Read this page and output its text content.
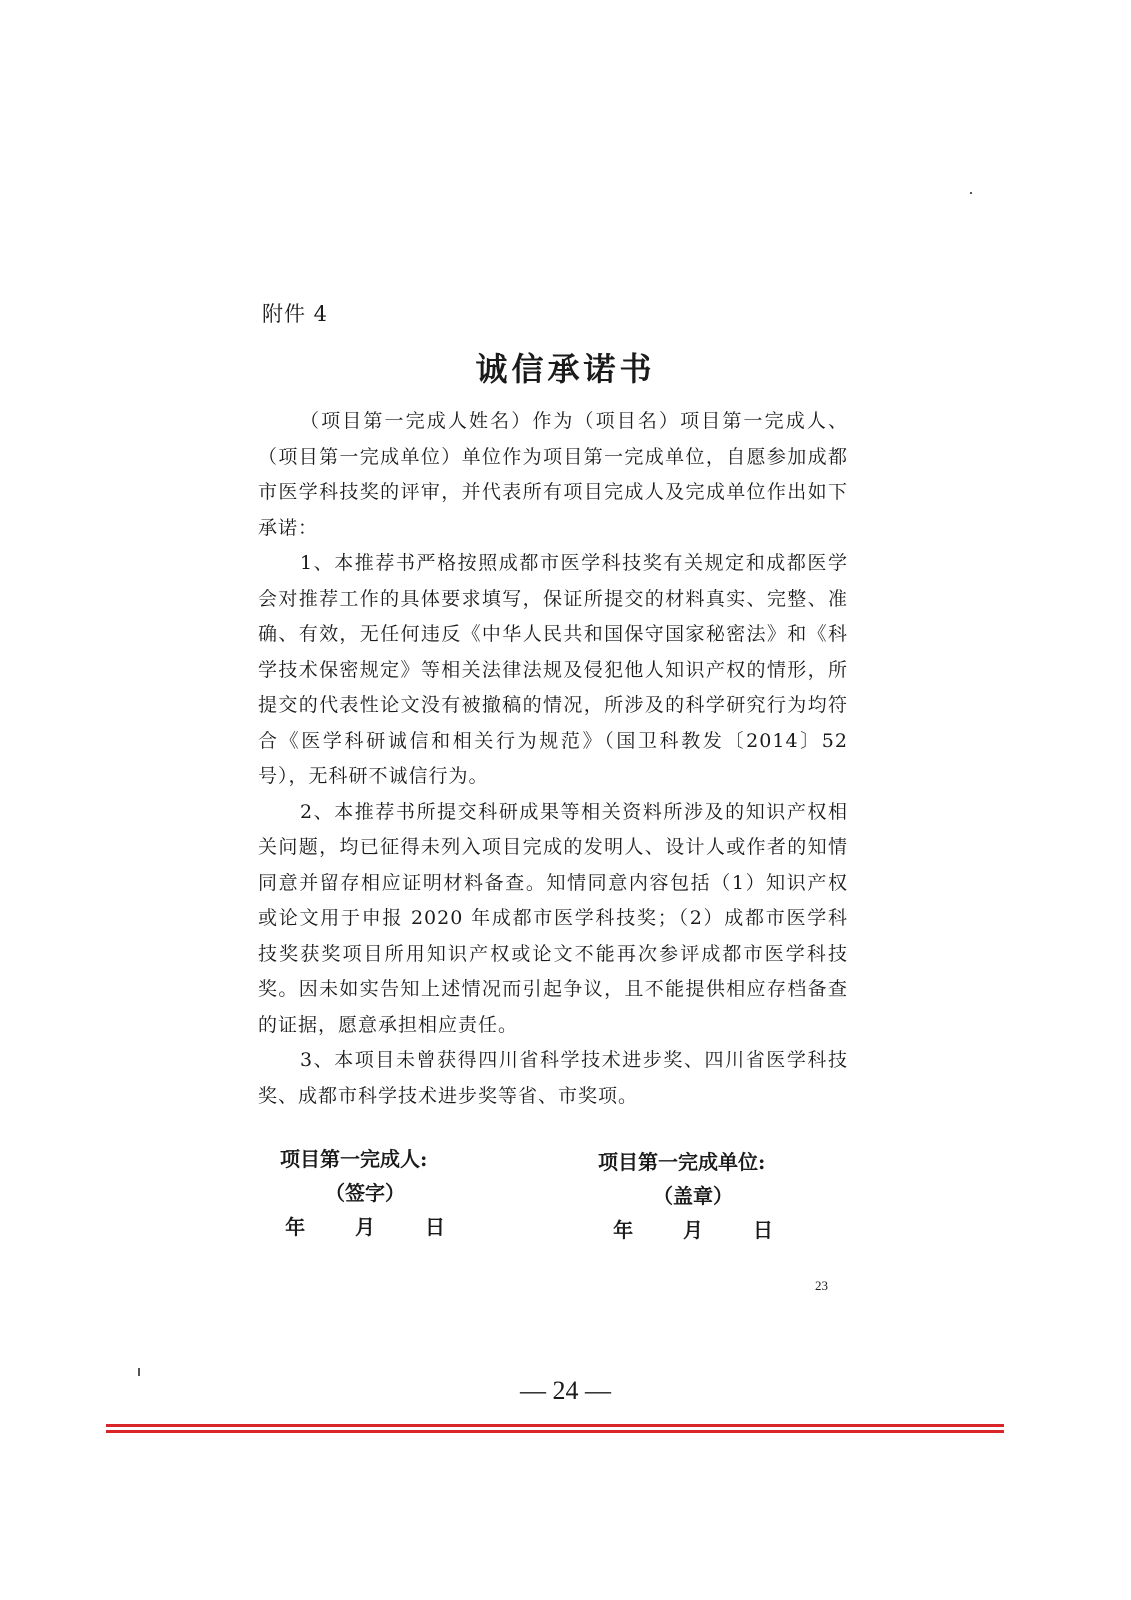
附件 4
诚信承诺书

（项目第一完成人姓名）作为（项目名）项目第一完成人、（项目第一完成单位）单位作为项目第一完成单位，自愿参加成都市医学科技奖的评审，并代表所有项目完成人及完成单位作出如下承诺：

1、本推荐书严格按照成都市医学科技奖有关规定和成都医学会对推荐工作的具体要求填写，保证所提交的材料真实、完整、准确、有效，无任何违反《中华人民共和国保守国家秘密法》和《科学技术保密规定》等相关法律法规及侵犯他人知识产权的情形，所提交的代表性论文没有被撤稿的情况，所涉及的科学研究行为均符合《医学科研诚信和相关行为规范》（国卫科教发〔2014〕52号），无科研不诚信行为。

2、本推荐书所提交科研成果等相关资料所涉及的知识产权相关问题，均已征得未列入项目完成的发明人、设计人或作者的知情同意并留存相应证明材料备查。知情同意内容包括（1）知识产权或论文用于申报 2020 年成都市医学科技奖；（2）成都市医学科技奖获奖项目所用知识产权或论文不能再次参评成都市医学科技奖。因未如实告知上述情况而引起争议，且不能提供相应存档备查的证据，愿意承担相应责任。

3、本项目未曾获得四川省科学技术进步奖、四川省医学科技奖、成都市科学技术进步奖等省、市奖项。

项目第一完成人:
（签字）
年 月 日
项目第一完成单位:
（盖章）
年 月 日
23
— 24 —
